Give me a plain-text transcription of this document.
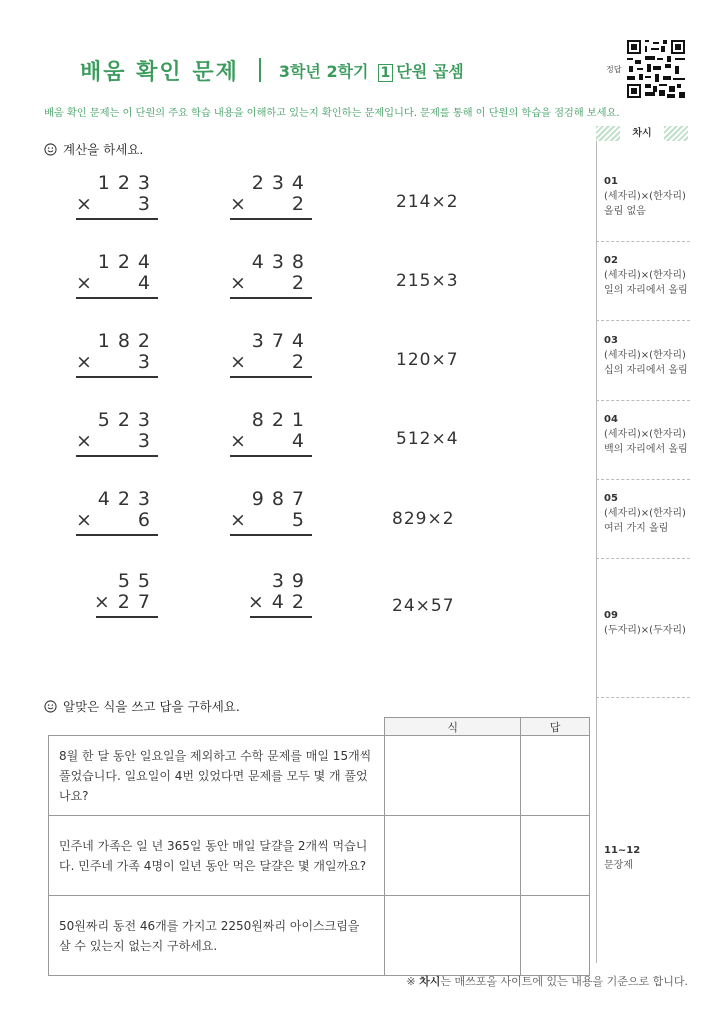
배움 확인 문제	3학년 2학기 1 단원 곱셈	정답
배움 확인 문제는 이 단원의 주요 학습 내용을 이해하고 있는지 확인하는 문제입니다. 문제를 통해 이 단원의 학습을 점검해 보세요.
차시
01
(세자리)×(한자리)
올림 없음
02
(세자리)×(한자리)
일의 자리에서 올림
03
(세자리)×(한자리)
십의 자리에서 올림
04
(세자리)×(한자리)
백의 자리에서 올림
05
(세자리)×(한자리)
여러 가지 올림
09
(두자리)×(두자리)
11~12
문장제
계산을 하세요.
123
× 3
234
× 2	214×2
124
× 4
438
× 2	215×3
182
× 3
374
× 2	120×7
523
× 3
821
× 4	512×4
423
× 6
987
× 5	829×2
55
×27
39
×42	24×57
알맞은 식을 쓰고 답을 구하세요.
	식	답
8월 한 달 동안 일요일을 제외하고 수학 문제를 매일 15개씩 풀었습니다. 일요일이 4번 있었다면 문제를 모두 몇 개 풀었나요?		
민주네 가족은 일 년 365일 동안 매일 달걀을 2개씩 먹습니다. 민주네 가족 4명이 일년 동안 먹은 달걀은 몇 개일까요?		
50원짜리 동전 46개를 가지고 2250원짜리 아이스크림을 살 수 있는지 없는지 구하세요.		
※ 차시는 매쓰포올 사이트에 있는 내용을 기준으로 합니다.
